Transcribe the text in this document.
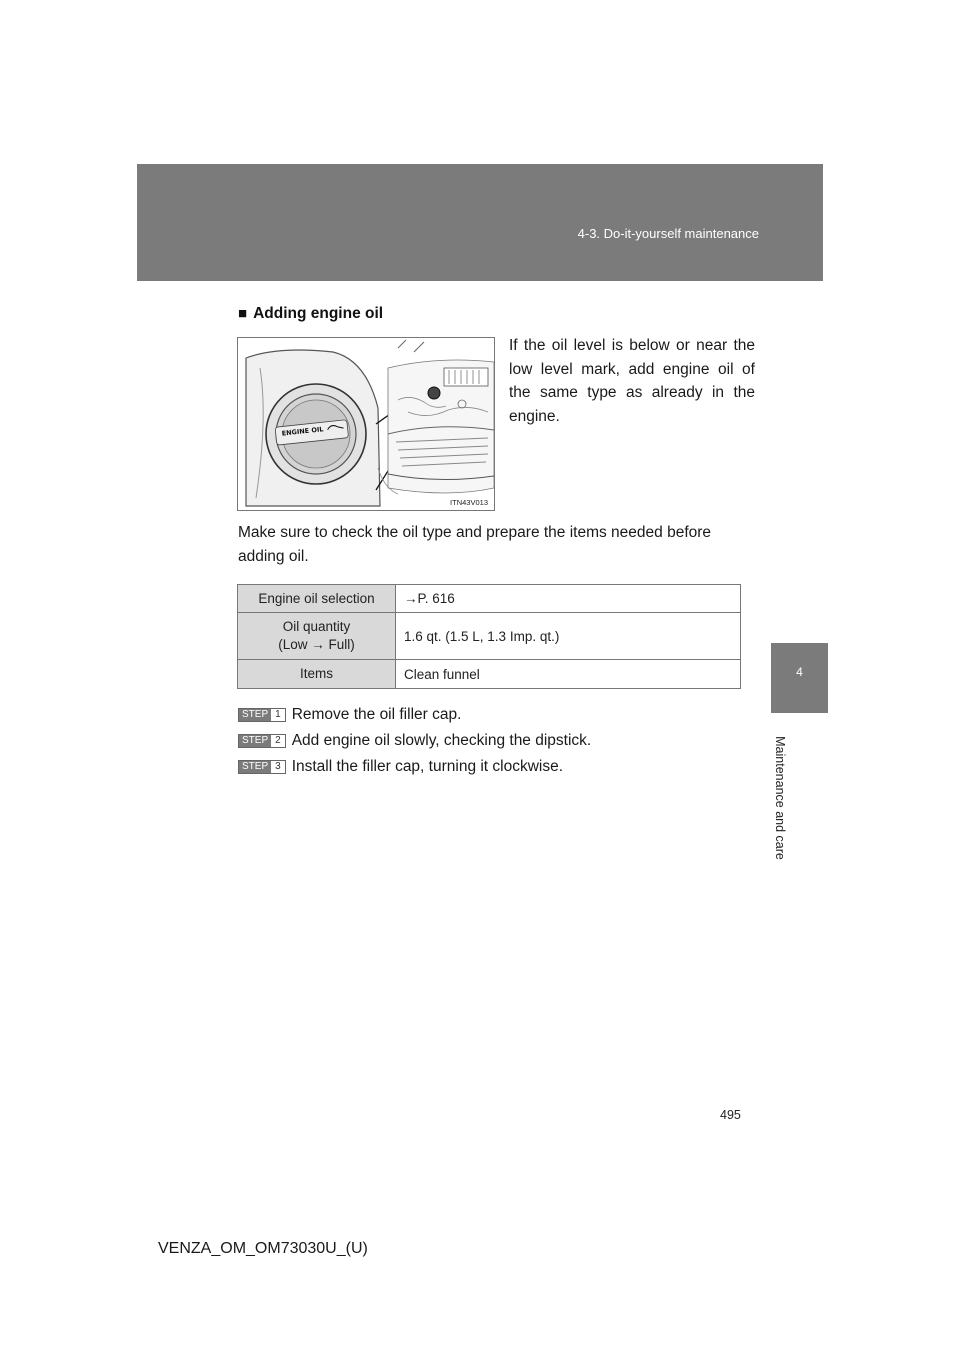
4-3. Do-it-yourself maintenance
4
Maintenance and care
■ Adding engine oil
ENGINE OIL
ITN43V013

If the oil level is below or near the low level mark, add engine oil of the same type as already in the engine.

Make sure to check the oil type and prepare the items needed before adding oil.

Engine oil selection	→P. 616

Oil quantity
(Low → Full)	1.6 qt. (1.5 L, 1.3 Imp. qt.)
Items	Clean funnel
STEP 1 Remove the oil filler cap.
STEP 2 Add engine oil slowly, checking the dipstick.
STEP 3 Install the filler cap, turning it clockwise.
495
VENZA_OM_OM73030U_(U)
